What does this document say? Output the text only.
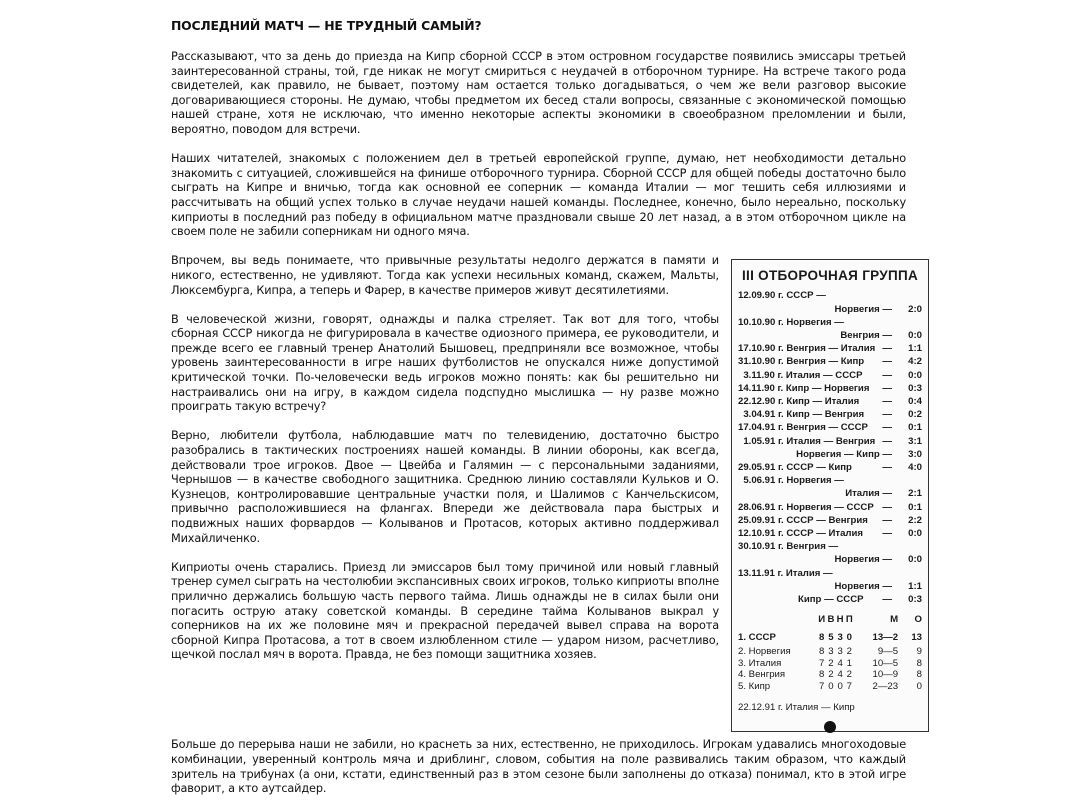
ПОСЛЕДНИЙ МАТЧ — НЕ ТРУДНЫЙ САМЫЙ?

Рассказывают, что за день до приезда на Кипр сборной СССР в этом островном государстве появились эмиссары третьей заинтересованной страны, той, где никак не могут смириться с неудачей в отборочном турнире. На встрече такого рода свидетелей, как правило, не бывает, поэтому нам остается только догадываться, о чем же вели разговор высокие договаривающиеся стороны. Не думаю, чтобы предметом их бесед стали вопросы, связанные с экономической помощью нашей стране, хотя не исключаю, что именно некоторые аспекты экономики в своеобразном преломлении и были, вероятно, поводом для встречи.

Наших читателей, знакомых с положением дел в третьей европейской группе, думаю, нет необходимости детально знакомить с ситуацией, сложившейся на финише отборочного турнира. Сборной СССР для общей победы достаточно было сыграть на Кипре и вничью, тогда как основной ее соперник — команда Италии — мог тешить себя иллюзиями и рассчитывать на общий успех только в случае неудачи нашей команды. Последнее, конечно, было нереально, поскольку киприоты в последний раз победу в официальном матче праздновали свыше 20 лет назад, а в этом отборочном цикле на своем поле не забили соперникам ни одного мяча.

III ОТБОРОЧНАЯ ГРУППА
12.09.90 г. СССР —
Норвегия —	2:0
10.10.90 г. Норвегия —
Венгрия —	0:0
17.10.90 г. Венгрия — Италия —	1:1
31.10.90 г. Венгрия — Кипр —	4:2

3.11.90 г. Италия — СССР —	0:0
14.11.90 г. Кипр — Норвегия —	0:3
22.12.90 г. Кипр — Италия —	0:4

3.04.91 г. Кипр — Венгрия —	0:2
17.04.91 г. Венгрия — СССР —	0:1

1.05.91 г. Италия — Венгрия —	3:1
Норвегия — Кипр —	3:0
29.05.91 г. СССР — Кипр	—	4:0

5.06.91 г. Норвегия —
Италия —	2:1
28.06.91 г. Норвегия — СССР —	0:1
25.09.91 г. СССР — Венгрия —	2:2
12.10.91 г. СССР — Италия —	0:0
30.10.91 г. Венгрия —
Норвегия —	0:0
13.11.91 г. Италия —
Норвегия —	1:1
Кипр — СССР —	0:3
И В Н П	М	О
1. СССР	8 5 3 0	13—2	13
2. Норвегия	8 3 3 2	9—5	9
3. Италия	7 2 4 1	10—5	8
4. Венгрия	8 2 4 2	10—9	8
5. Кипр	7 0 0 7	2—23	0
22.12.91 г. Италия — Кипр

Впрочем, вы ведь понимаете, что привычные результаты недолго держатся в памяти и никого, естественно, не удивляют. Тогда как успехи несильных команд, скажем, Мальты, Люксембурга, Кипра, а теперь и Фарер, в качестве примеров живут десятилетиями.

В человеческой жизни, говорят, однажды и палка стреляет. Так вот для того, чтобы сборная СССР никогда не фигурировала в качестве одиозного примера, ее руководители, и прежде всего ее главный тренер Анатолий Бышовец, предприняли все возможное, чтобы уровень заинтересованности в игре наших футболистов не опускался ниже допустимой критической точки. По-человечески ведь игроков можно понять: как бы решительно ни настраивались они на игру, в каждом сидела подспудно мыслишка — ну разве можно проиграть такую встречу?

Верно, любители футбола, наблюдавшие матч по телевидению, достаточно быстро разобрались в тактических построениях нашей команды. В линии обороны, как всегда, действовали трое игроков. Двое — Цвейба и Галямин — с персональными заданиями, Чернышов — в качестве свободного защитника. Среднюю линию составляли Кульков и О. Кузнецов, контролировавшие центральные участки поля, и Шалимов с Канчельскисом, привычно расположившиеся на флангах. Впереди же действовала пара быстрых и подвижных наших форвардов — Колыванов и Протасов, которых активно поддерживал Михайличенко.

Киприоты очень старались. Приезд ли эмиссаров был тому причиной или новый главный тренер сумел сыграть на честолюбии экспансивных своих игроков, только киприоты вполне прилично держались большую часть первого тайма. Лишь однажды не в силах были они погасить острую атаку советской команды. В середине тайма Колыванов выкрал у соперников на их же половине мяч и прекрасной передачей вывел справа на ворота сборной Кипра Протасова, а тот в своем излюбленном стиле — ударом низом, расчетливо, щечкой послал мяч в ворота. Правда, не без помощи защитника хозяев.

Больше до перерыва наши не забили, но краснеть за них, естественно, не приходилось. Игрокам удавались многоходовые комбинации, уверенный контроль мяча и дриблинг, словом, события на поле развивались таким образом, что каждый зритель на трибунах (а они, кстати, единственный раз в этом сезоне были заполнены до отказа) понимал, кто в этой игре фаворит, а кто аутсайдер.
